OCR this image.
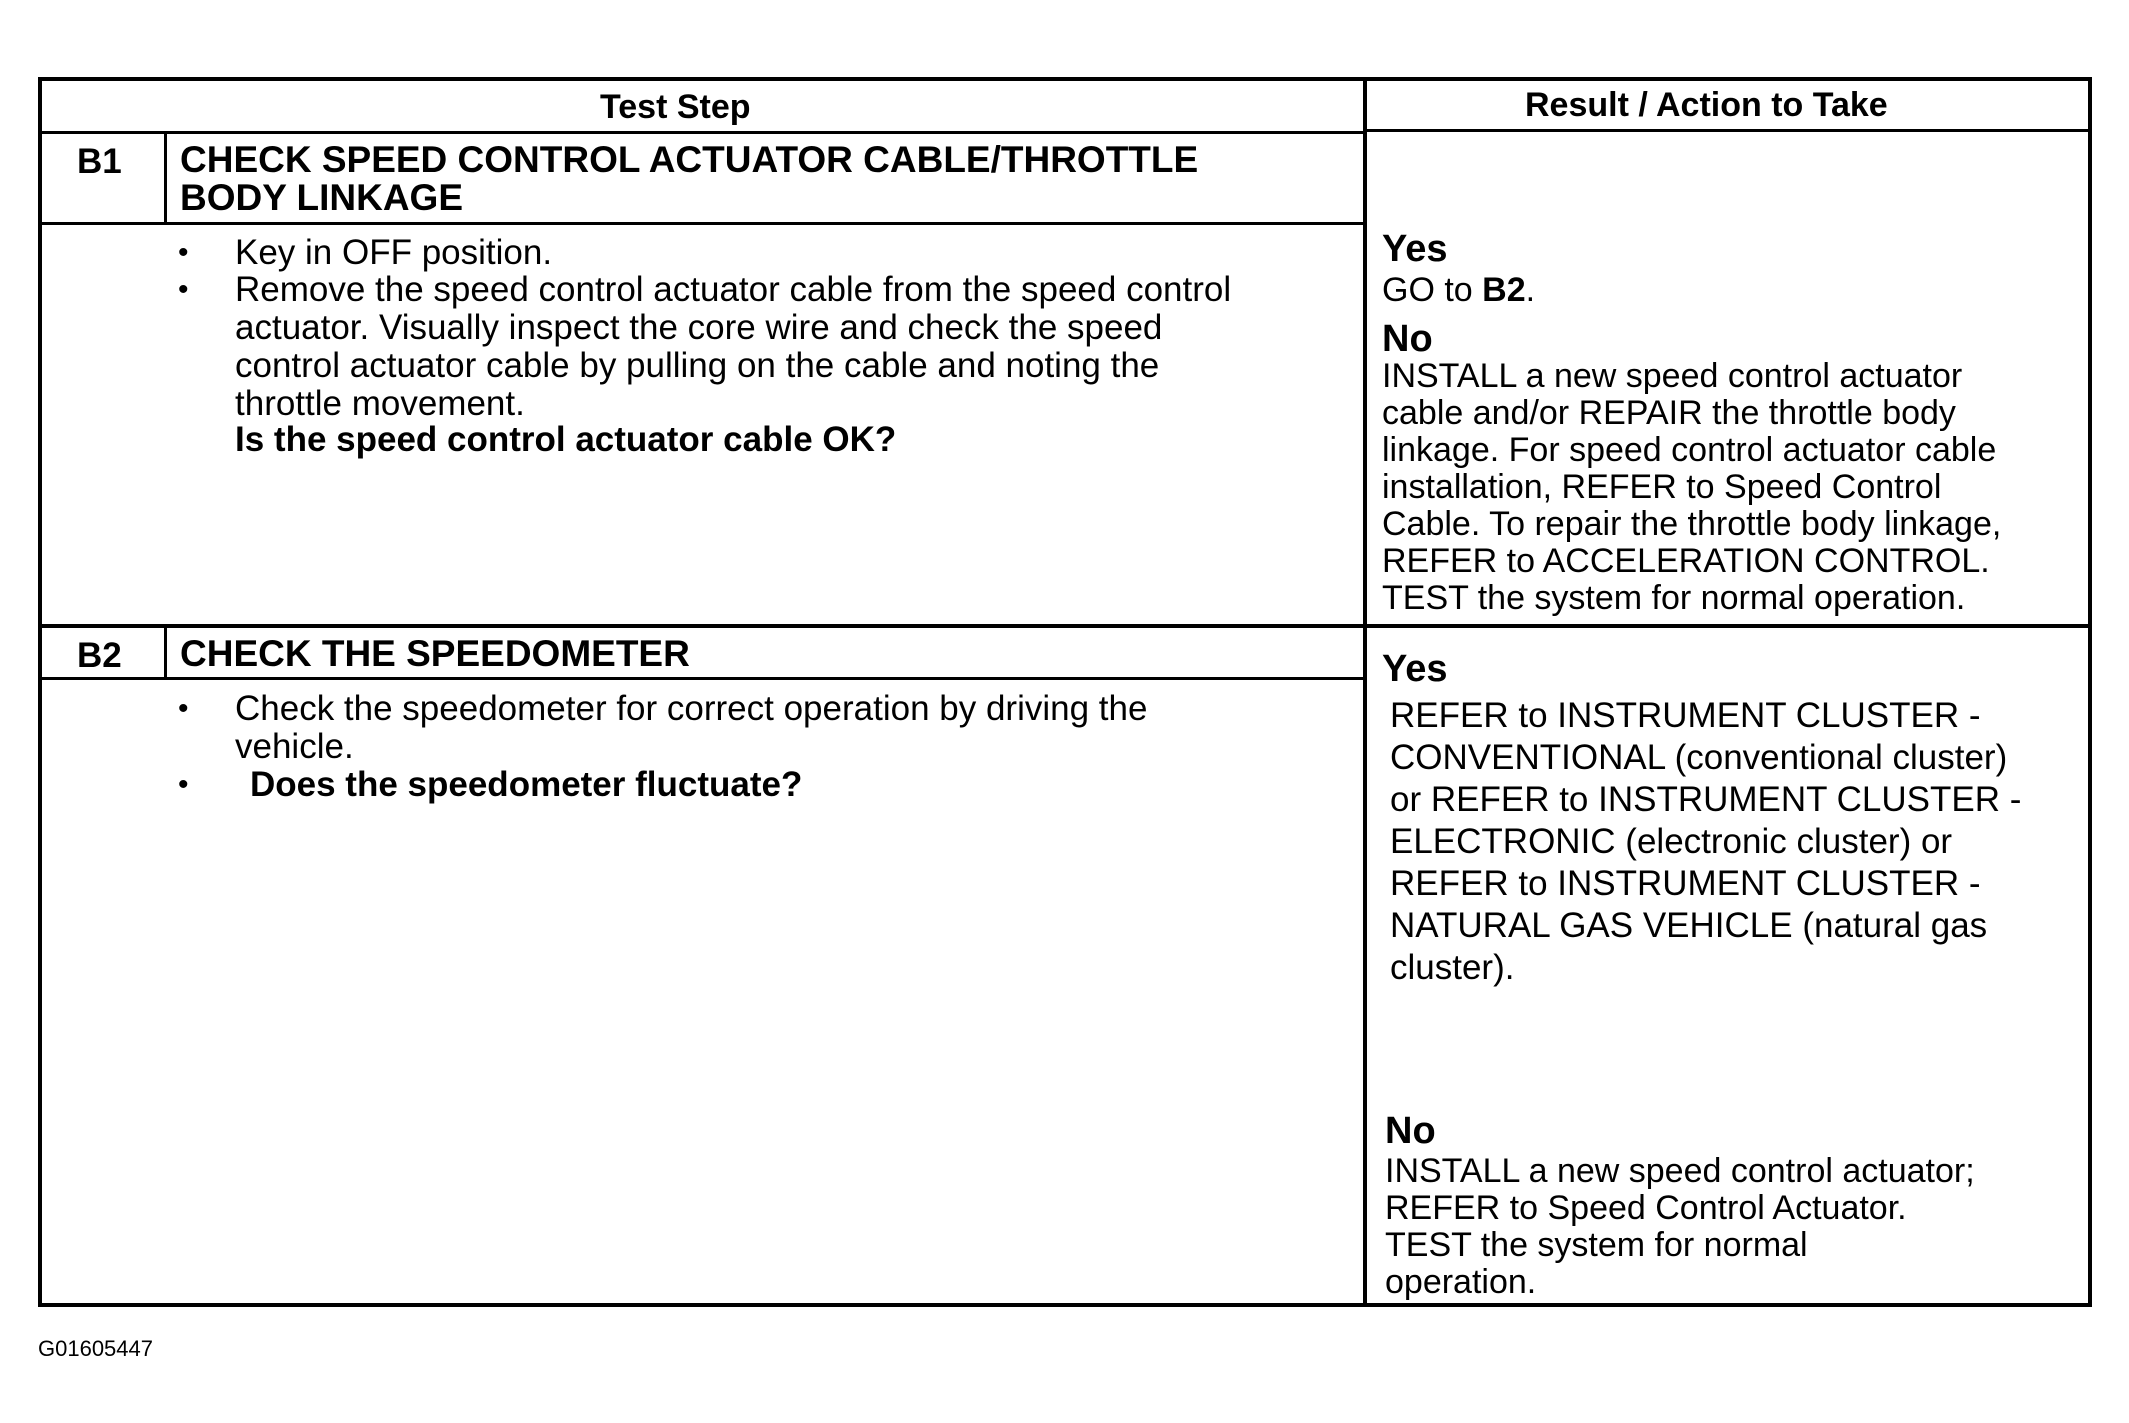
Test Step	Result / Action to Take
B1 CHECK SPEED CONTROL ACTUATOR CABLE/THROTTLE
BODY LINKAGE
• Key in OFF position.
• Remove the speed control actuator cable from the speed control
actuator. Visually inspect the core wire and check the speed
control actuator cable by pulling on the cable and noting the
throttle movement.
Is the speed control actuator cable OK?
Yes
GO to B2.
No
INSTALL a new speed control actuator
cable and/or REPAIR the throttle body
linkage. For speed control actuator cable
installation, REFER to Speed Control
Cable. To repair the throttle body linkage,
REFER to ACCELERATION CONTROL.
TEST the system for normal operation.
B2 CHECK THE SPEEDOMETER
• Check the speedometer for correct operation by driving the
vehicle.
• Does the speedometer fluctuate?
Yes
REFER to INSTRUMENT CLUSTER -
CONVENTIONAL (conventional cluster)
or REFER to INSTRUMENT CLUSTER -
ELECTRONIC (electronic cluster) or
REFER to INSTRUMENT CLUSTER -
NATURAL GAS VEHICLE (natural gas
cluster).
No
INSTALL a new speed control actuator;
REFER to Speed Control Actuator.
TEST the system for normal
operation.
G01605447
